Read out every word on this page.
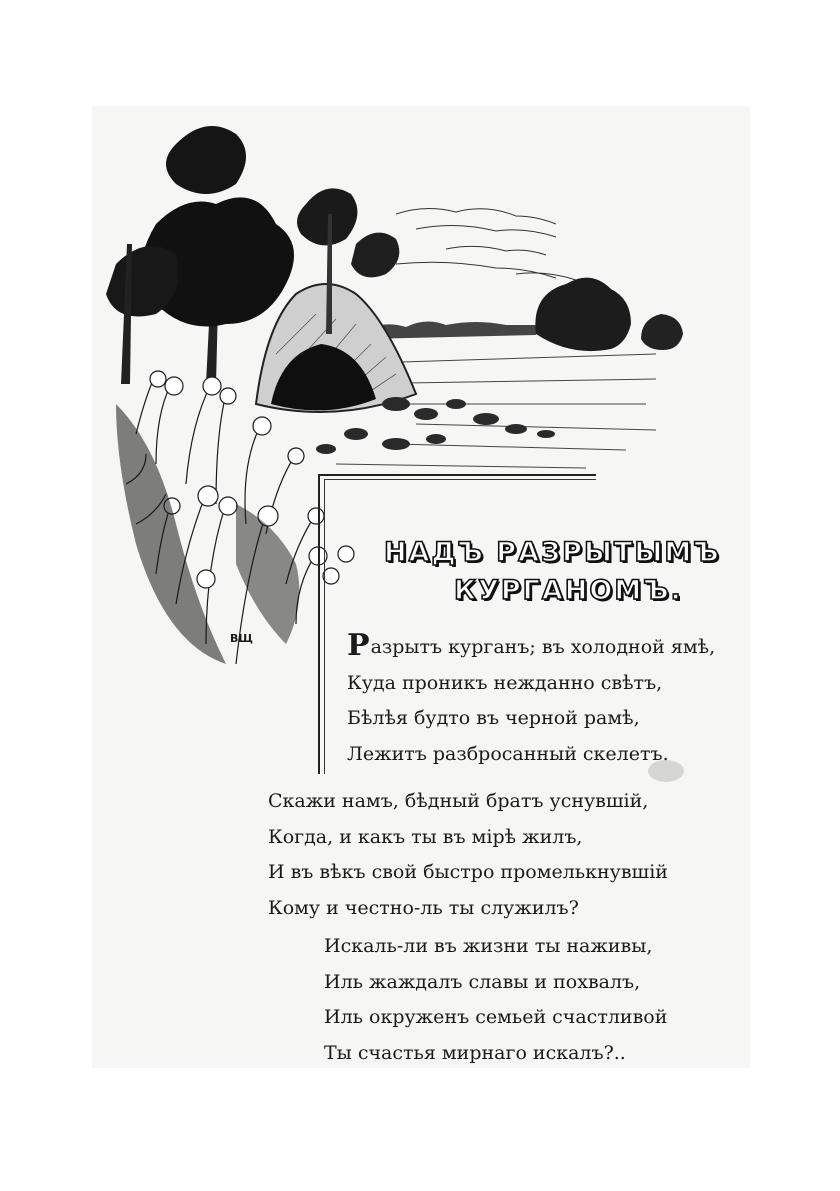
ВЩ
НАДЪ РАЗРЫТЫМЪ
КУРГАНОМЪ.
Разрытъ курганъ; въ холодной ямѣ,
Куда проникъ нежданно свѣтъ,
Бѣлѣя будто въ черной рамѣ,
Лежитъ разбросанный скелетъ.
Скажи намъ, бѣдный братъ уснувшій,
Когда, и какъ ты въ мірѣ жилъ,
И въ вѣкъ свой быстро промелькнувшій
Кому и честно-ль ты служилъ?
Искаль-ли въ жизни ты наживы,
Иль жаждалъ славы и похвалъ,
Иль окруженъ семьей счастливой
Ты счастья мирнаго искалъ?..
